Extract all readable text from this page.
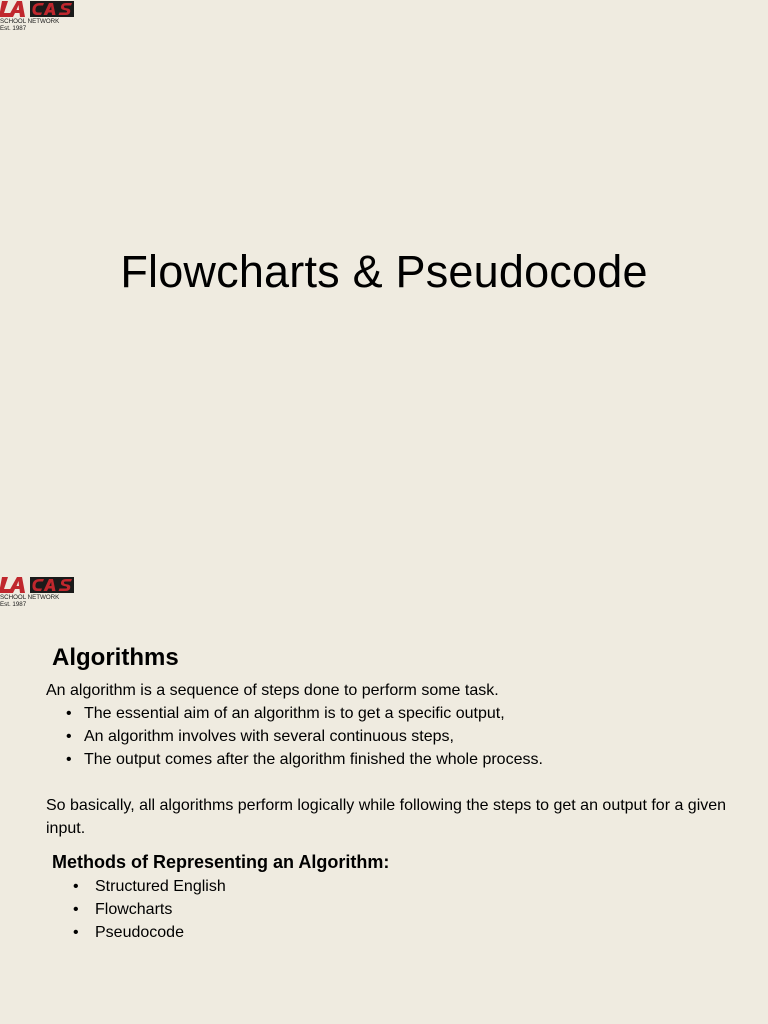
SCHOOL NETWORK
Est. 1987
Flowcharts & Pseudocode
SCHOOL NETWORK
Est. 1987
Algorithms

An algorithm is a sequence of steps done to perform some task.

• The essential aim of an algorithm is to get a specific output,
• An algorithm involves with several continuous steps,
• The output comes after the algorithm finished the whole process.

So basically, all algorithms perform logically while following the steps to get an output for a given input.

Methods of Representing an Algorithm:
• Structured English
• Flowcharts
• Pseudocode
